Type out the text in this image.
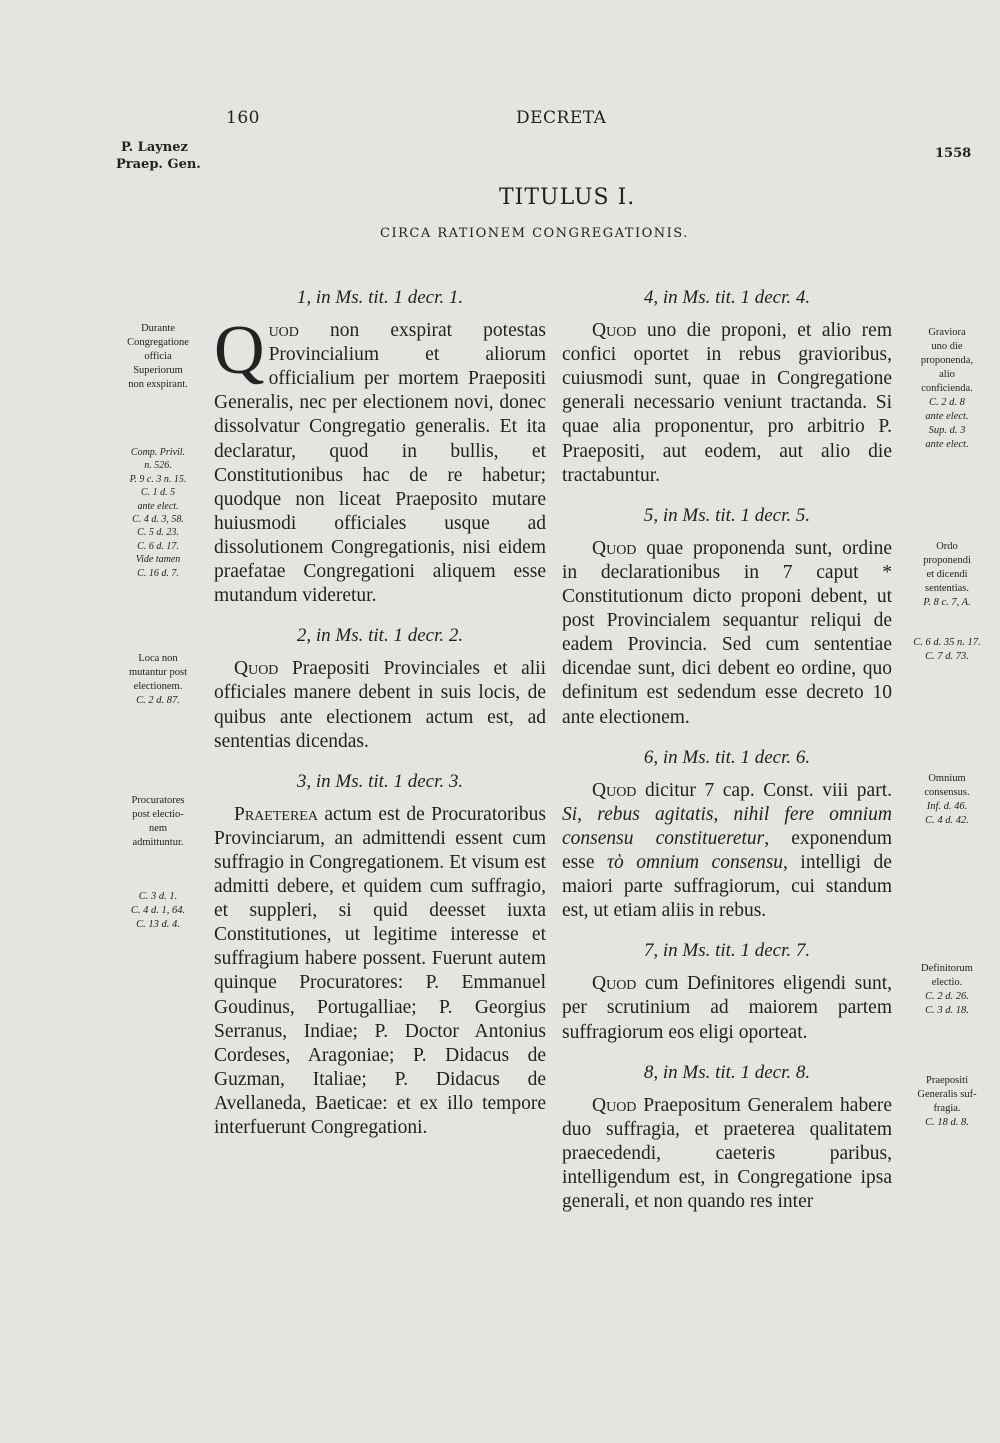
160	DECRETA
1558
P. Laynez
Praep. Gen.
TITULUS I.
CIRCA RATIONEM CONGREGATIONIS.
1, in Ms. tit. 1 decr. 1.

Quod non exspirat potestas Provincialium et aliorum officialium per mortem Praepositi Generalis, nec per electionem novi, donec dissolvatur Congregatio generalis. Et ita declaratur, quod in bullis, et Constitutionibus hac de re habetur; quodque non liceat Praeposito mutare huiusmodi officiales usque ad dissolutionem Congregationis, nisi eidem praefatae Congregationi aliquem esse mutandum videretur.

2, in Ms. tit. 1 decr. 2.

Quod Praepositi Provinciales et alii officiales manere debent in suis locis, de quibus ante electionem actum est, ad sententias dicendas.

3, in Ms. tit. 1 decr. 3.

Praeterea actum est de Procuratoribus Provinciarum, an admittendi essent cum suffragio in Congregationem. Et visum est admitti debere, et quidem cum suffragio, et suppleri, si quid deesset iuxta Constitutiones, ut legitime interesse et suffragium habere possent. Fuerunt autem quinque Procuratores: P. Emmanuel Goudinus, Portugalliae; P. Georgius Serranus, Indiae; P. Doctor Antonius Cordeses, Aragoniae; P. Didacus de Guzman, Italiae; P. Didacus de Avellaneda, Baeticae: et ex illo tempore interfuerunt Congregationi.

4, in Ms. tit. 1 decr. 4.

Quod uno die proponi, et alio rem confici oportet in rebus gravioribus, cuiusmodi sunt, quae in Congregatione generali necessario veniunt tractanda. Si quae alia proponentur, pro arbitrio P. Praepositi, aut eodem, aut alio die tractabuntur.

5, in Ms. tit. 1 decr. 5.

Quod quae proponenda sunt, ordine in declarationibus in 7 caput * Constitutionum dicto proponi debent, ut post Provincialem sequantur reliqui de eadem Provincia. Sed cum sententiae dicendae sunt, dici debent eo ordine, quo definitum est sedendum esse decreto 10 ante electionem.

6, in Ms. tit. 1 decr. 6.

Quod dicitur 7 cap. Const. viii part. Si, rebus agitatis, nihil fere omnium consensu constitueretur, exponendum esse τὸ omnium consensu, intelligi de maiori parte suffragiorum, cui standum est, ut etiam aliis in rebus.

7, in Ms. tit. 1 decr. 7.

Quod cum Definitores eligendi sunt, per scrutinium ad maiorem partem suffragiorum eos eligi oporteat.

8, in Ms. tit. 1 decr. 8.

Quod Praepositum Generalem habere duo suffragia, et praeterea qualitatem praecedendi, caeteris paribus, intelligendum est, in Congregatione ipsa generali, et non quando res inter

Durante
Congregatione
officia
Superiorum
non exspirant.
Comp. Privil.
n. 526.
P. 9 c. 3 n. 15.
C. 1 d. 5
ante elect.
C. 4 d. 3, 58.
C. 5 d. 23.
C. 6 d. 17.
Vide tamen
C. 16 d. 7.
Loca non
mutantur post
electionem.
C. 2 d. 87.
Procuratores
post electio-
nem
admittuntur.
C. 3 d. 1.
C. 4 d. 1, 64.
C. 13 d. 4.
Graviora
uno die
proponenda,
alio
conficienda.
C. 2 d. 8
ante elect.
Sup. d. 3
ante elect.
Ordo
proponendi
et dicendi
sententias.
P. 8 c. 7, A.
C. 6 d. 35 n. 17.
C. 7 d. 73.
Omnium
consensus.
Inf. d. 46.
C. 4 d. 42.
Definitorum
electio.
C. 2 d. 26.
C. 3 d. 18.
Praepositi
Generalis suf-
fragia.
C. 18 d. 8.
